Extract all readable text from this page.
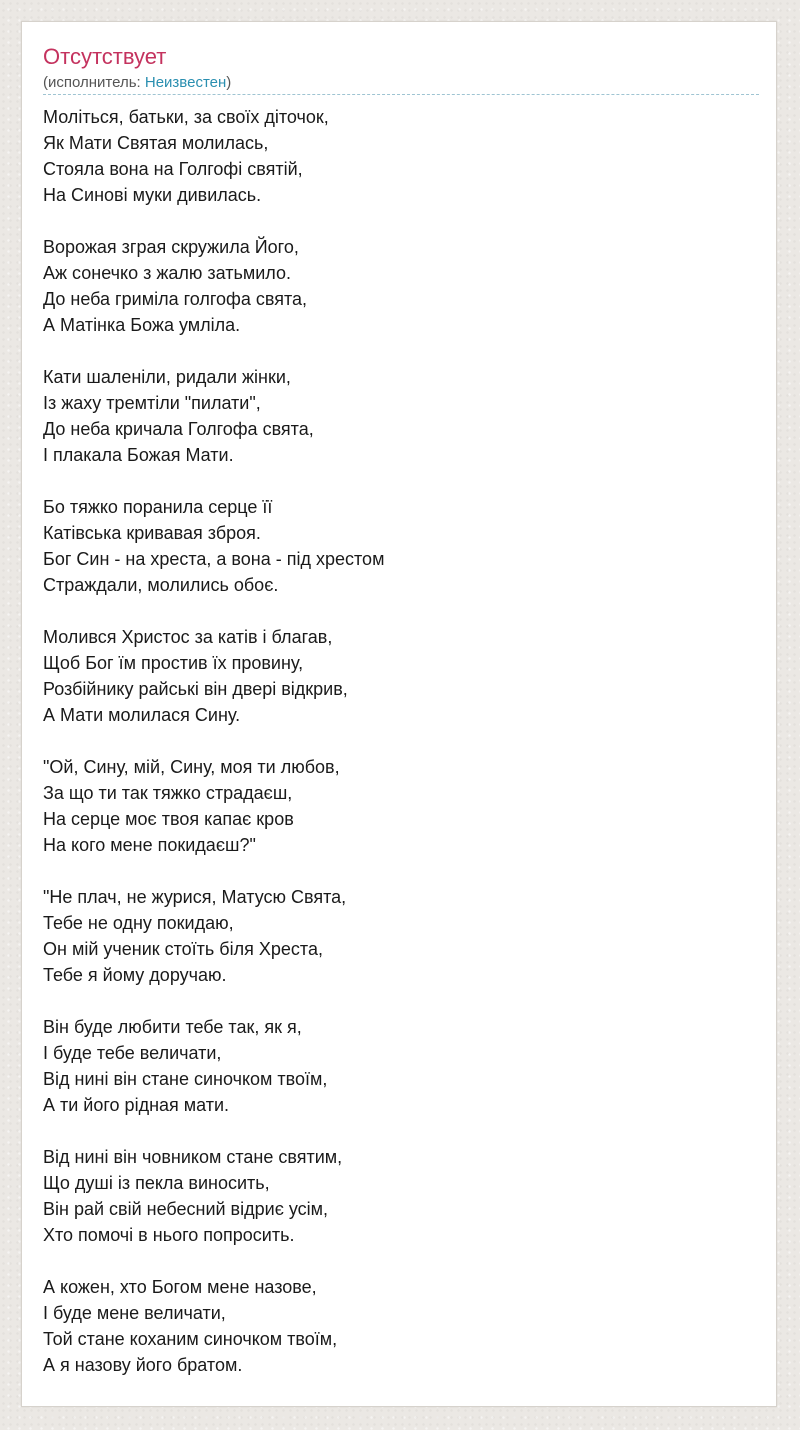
Отсутствует
(исполнитель: Неизвестен)
Моліться, батьки, за своїх діточок,
Як Мати Святая молилась,
Стояла вона на Голгофі святій,
На Синові муки дивилась.
Ворожая зграя скружила Його,
Аж сонечко з жалю затьмило.
До неба гриміла голгофа свята,
А Матінка Божа умліла.
Кати шаленіли, ридали жінки,
Із жаху тремтіли "пилати",
До неба кричала Голгофа свята,
І плакала Божая Мати.
Бо тяжко поранила серце її
Катівська кривавая зброя.
Бог Син - на хреста, а вона - під хрестом
Страждали, молились обоє.
Молився Христос за катів і благав,
Щоб Бог їм простив їх провину,
Розбійнику райські він двері відкрив,
А Мати молилася Сину.
"Ой, Сину, мій, Сину, моя ти любов,
За що ти так тяжко страдаєш,
На серце моє твоя капає кров
На кого мене покидаєш?"
"Не плач, не журися, Матусю Свята,
Тебе не одну покидаю,
Он мій ученик стоїть біля Хреста,
Тебе я йому доручаю.
Він буде любити тебе так, як я,
І буде тебе величати,
Від нині він стане синочком твоїм,
А ти його рідная мати.
Від нині він човником стане святим,
Що душі із пекла виносить,
Він рай свій небесний відриє усім,
Хто помочі в нього попросить.
А кожен, хто Богом мене назове,
І буде мене величати,
Той стане коханим синочком твоїм,
А я назову його братом.
